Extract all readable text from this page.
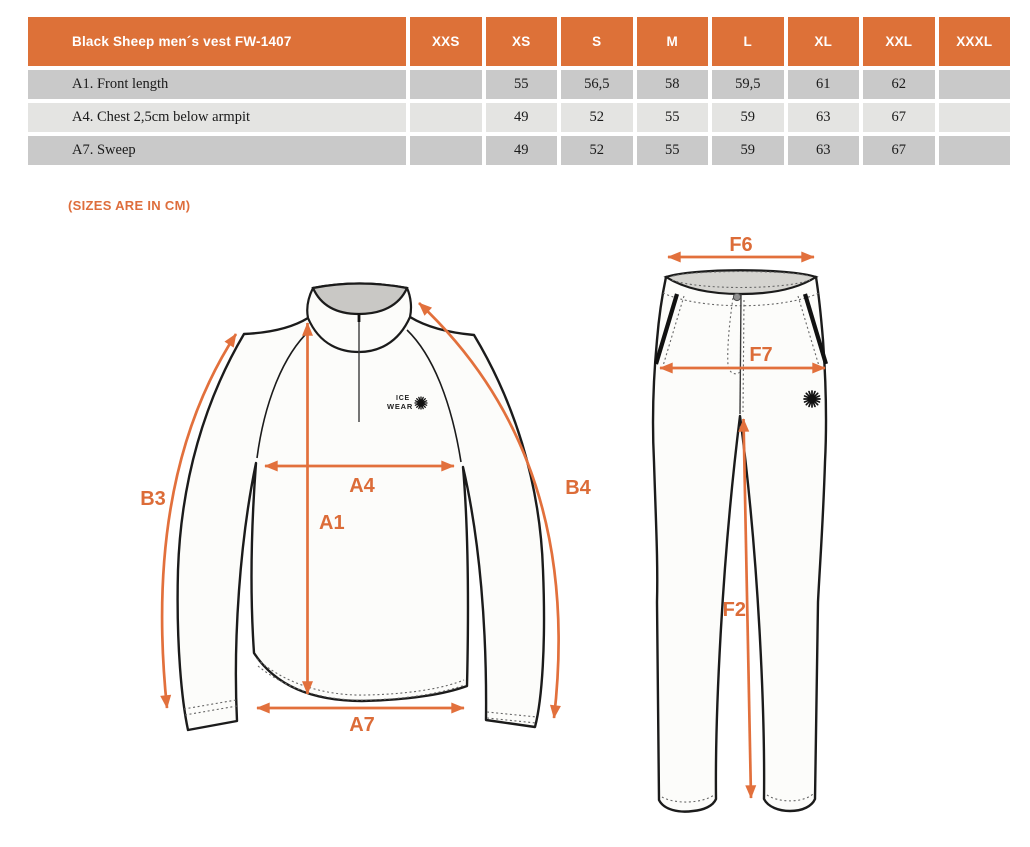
Black Sheep men´s vest FW-1407	XXS	XS	S	M	L	XL	XXL	XXXL
A1. Front length		55	56,5	58	59,5	61	62	
A4. Chest 2,5cm below armpit		49	52	55	59	63	67	
A7. Sweep		49	52	55	59	63	67	
(SIZES ARE IN CM)
ICE
WEAR
A4
A1
A7
B3	B4
F6
F7
F2
